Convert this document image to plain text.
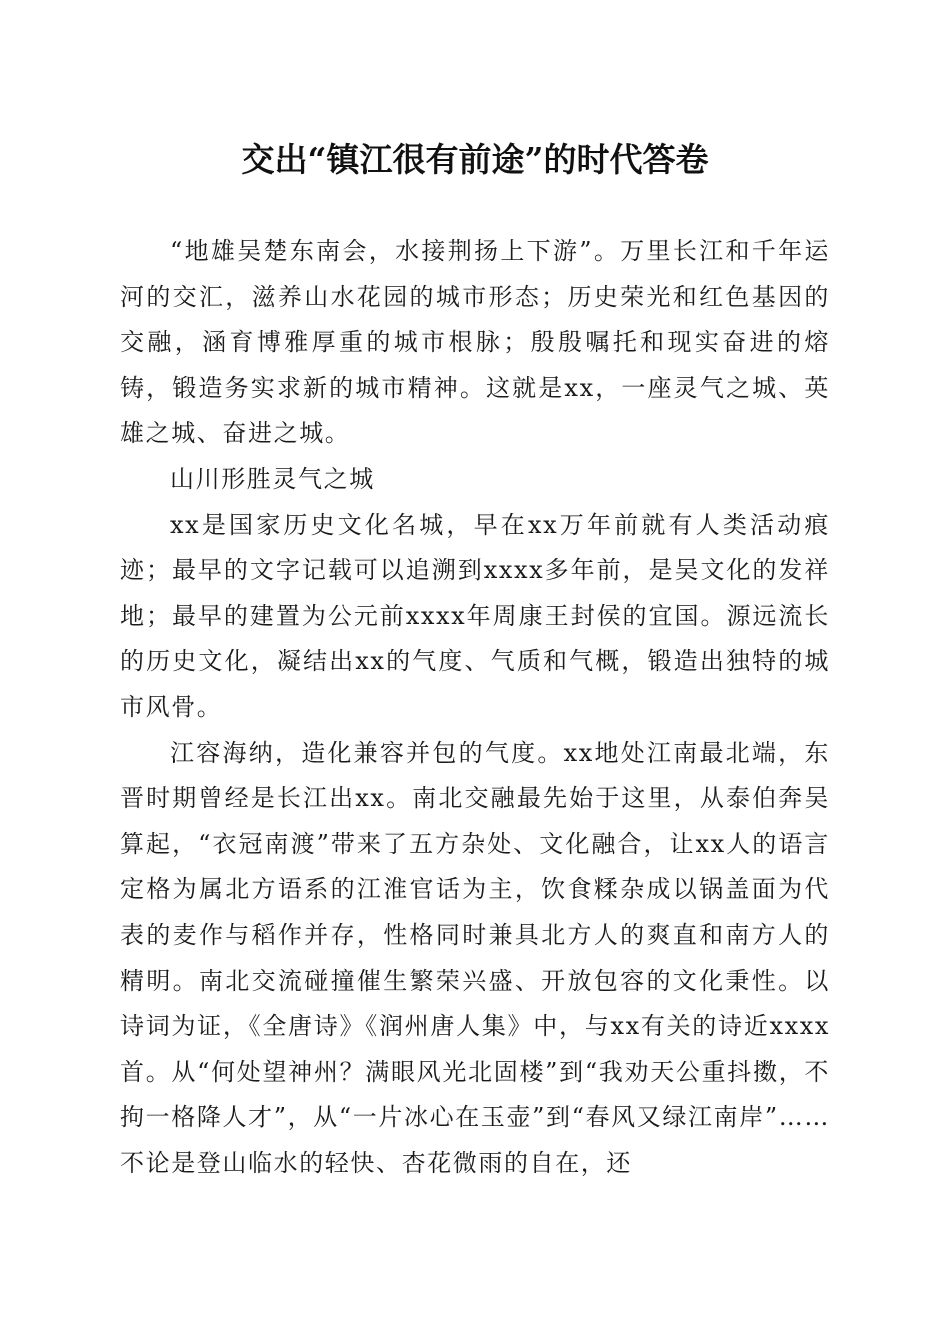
交出“镇江很有前途”的时代答卷

“地雄吴楚东南会，水接荆扬上下游”。万里长江和千年运河的交汇，滋养山水花园的城市形态；历史荣光和红色基因的交融，涵育博雅厚重的城市根脉；殷殷嘱托和现实奋进的熔铸，锻造务实求新的城市精神。这就是xx，一座灵气之城、英雄之城、奋进之城。

山川形胜灵气之城

xx是国家历史文化名城，早在xx万年前就有人类活动痕迹；最早的文字记载可以追溯到xxxx多年前，是吴文化的发祥地；最早的建置为公元前xxxx年周康王封侯的宜国。源远流长的历史文化，凝结出xx的气度、气质和气概，锻造出独特的城市风骨。

江容海纳，造化兼容并包的气度。xx地处江南最北端，东晋时期曾经是长江出xx。南北交融最先始于这里，从泰伯奔吴算起，“衣冠南渡”带来了五方杂处、文化融合，让xx人的语言定格为属北方语系的江淮官话为主，饮食糅杂成以锅盖面为代表的麦作与稻作并存，性格同时兼具北方人的爽直和南方人的精明。南北交流碰撞催生繁荣兴盛、开放包容的文化秉性。以诗词为证，《全唐诗》《润州唐人集》中，与xx有关的诗近xxxx首。从“何处望神州？满眼风光北固楼”到“我劝天公重抖擞，不拘一格降人才”，从“一片冰心在玉壶”到“春风又绿江南岸”……不论是登山临水的轻快、杏花微雨的自在，还
